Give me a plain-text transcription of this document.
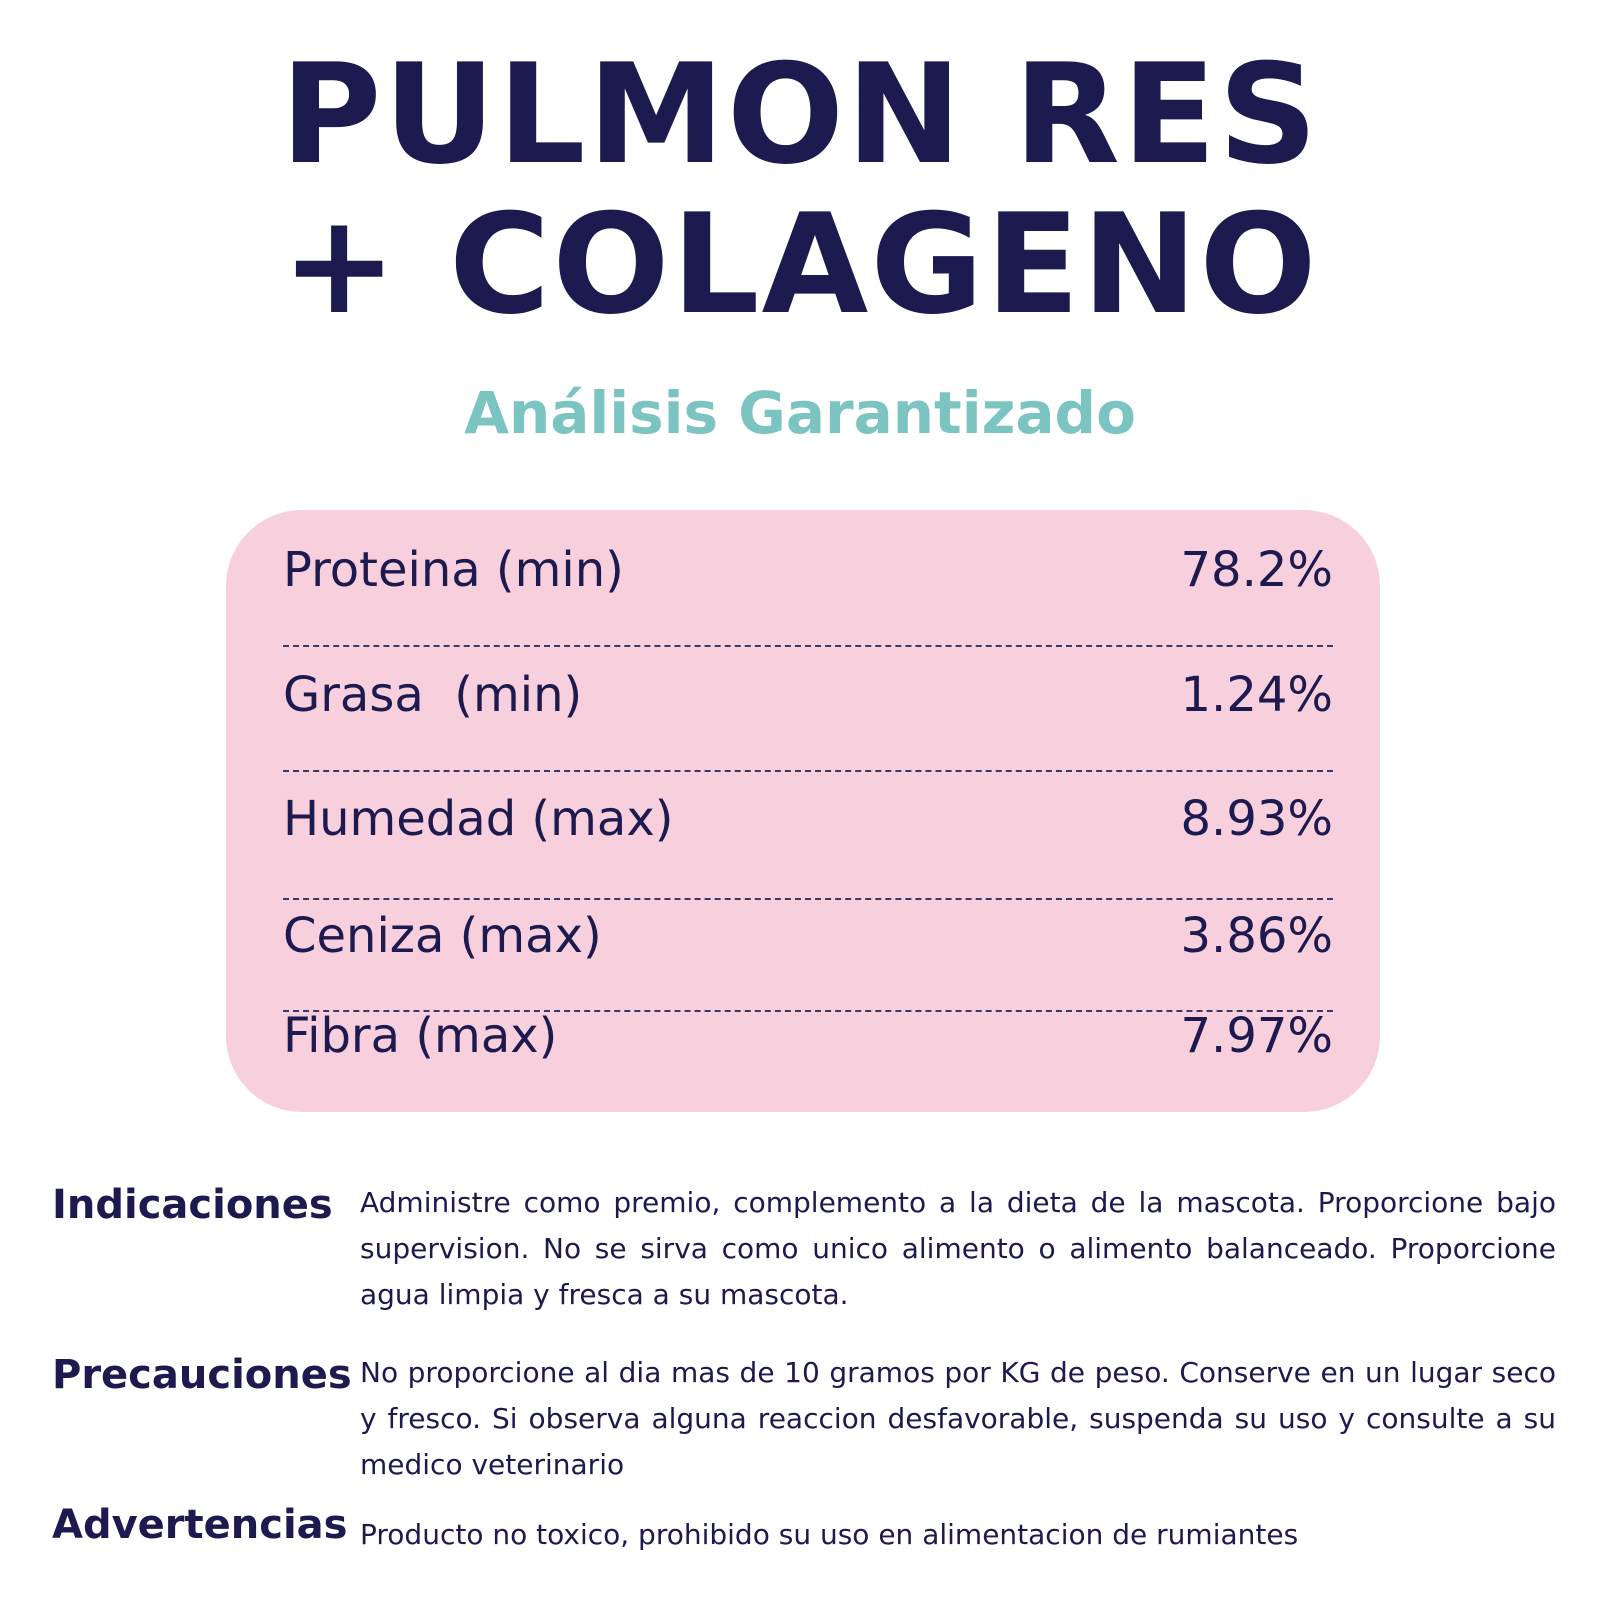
PULMON RES
+ COLAGENO
Análisis Garantizado
Proteina (min)	78.2%
Grasa  (min)	1.24%
Humedad (max)	8.93%
Ceniza (max)	3.86%
Fibra (max)	7.97%
Indicaciones Administre como premio, complemento a la dieta de la mascota. Proporcione bajo supervision. No se sirva como unico alimento o alimento balanceado. Proporcione agua limpia y fresca a su mascota.
Precauciones No proporcione al dia mas de 10 gramos por KG de peso. Conserve en un lugar seco y fresco. Si observa alguna reaccion desfavorable, suspenda su uso y consulte a su medico veterinario
Advertencias Producto no toxico, prohibido su uso en alimentacion de rumiantes
